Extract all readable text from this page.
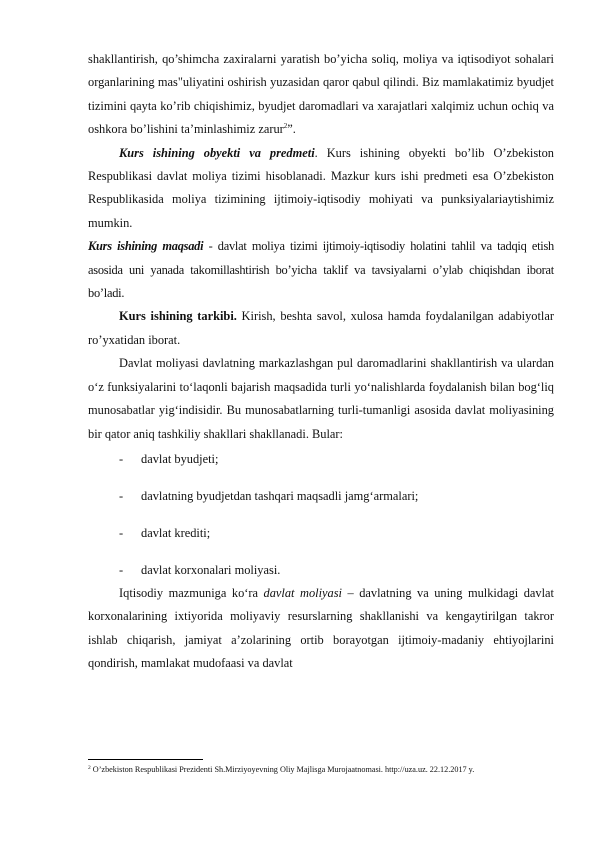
shakllantirish, qo’shimcha zaxiralarni yaratish bo’yicha soliq, moliya va iqtisodiyot sohalari organlarining mas"uliyatini oshirish yuzasidan qaror qabul qilindi. Biz mamlakatimiz byudjet tizimini qayta ko’rib chiqishimiz, byudjet daromadlari va xarajatlari xalqimiz uchun ochiq va oshkora bo’lishini ta’minlashimiz zarur$^2$”.

Kurs ishining obyekti va predmeti. Kurs ishining obyekti bo’lib O’zbekiston Respublikasi davlat moliya tizimi hisoblanadi. Mazkur kurs ishi predmeti esa O’zbekiston Respublikasida moliya tizimining ijtimoiy-iqtisodiy mohiyati va punksiyalariaytishimiz mumkin.

Kurs ishining maqsadi - davlat moliya tizimi ijtimoiy-iqtisodiy holatini tahlil va tadqiq etish asosida uni yanada takomillashtirish bo’yicha taklif va tavsiyalarni o’ylab chiqishdan iborat bo’ladi.

Kurs ishining tarkibi. Kirish, beshta savol, xulosa hamda foydalanilgan adabiyotlar ro’yxatidan iborat.

Davlat moliyasi davlatning markazlashgan pul daromadlarini shakllantirish va ulardan o‘z funksiyalarini to‘laqonli bajarish maqsadida turli yo‘nalishlarda foydalanish bilan bog‘liq munosabatlar yig‘indisidir. Bu munosabatlarning turli-tumanligi asosida davlat moliyasining bir qator aniq tashkiliy shakllari shakllanadi. Bular:

- davlat byudjeti;
- davlatning byudjetdan tashqari maqsadli jamg‘armalari;
- davlat krediti;
- davlat korxonalari moliyasi.

Iqtisodiy mazmuniga ko‘ra davlat moliyasi – davlatning va uning mulkidagi davlat korxonalarining ixtiyorida moliyaviy resurslarning shakllanishi va kengaytirilgan takror ishlab chiqarish, jamiyat a’zolarining ortib borayotgan ijtimoiy-madaniy ehtiyojlarini qondirish, mamlakat mudofaasi va davlat

$^2$ O’zbekiston Respublikasi Prezidenti Sh.Mirziyoyevning Oliy Majlisga Murojaatnomasi. http://uza.uz. 22.12.2017 y.
